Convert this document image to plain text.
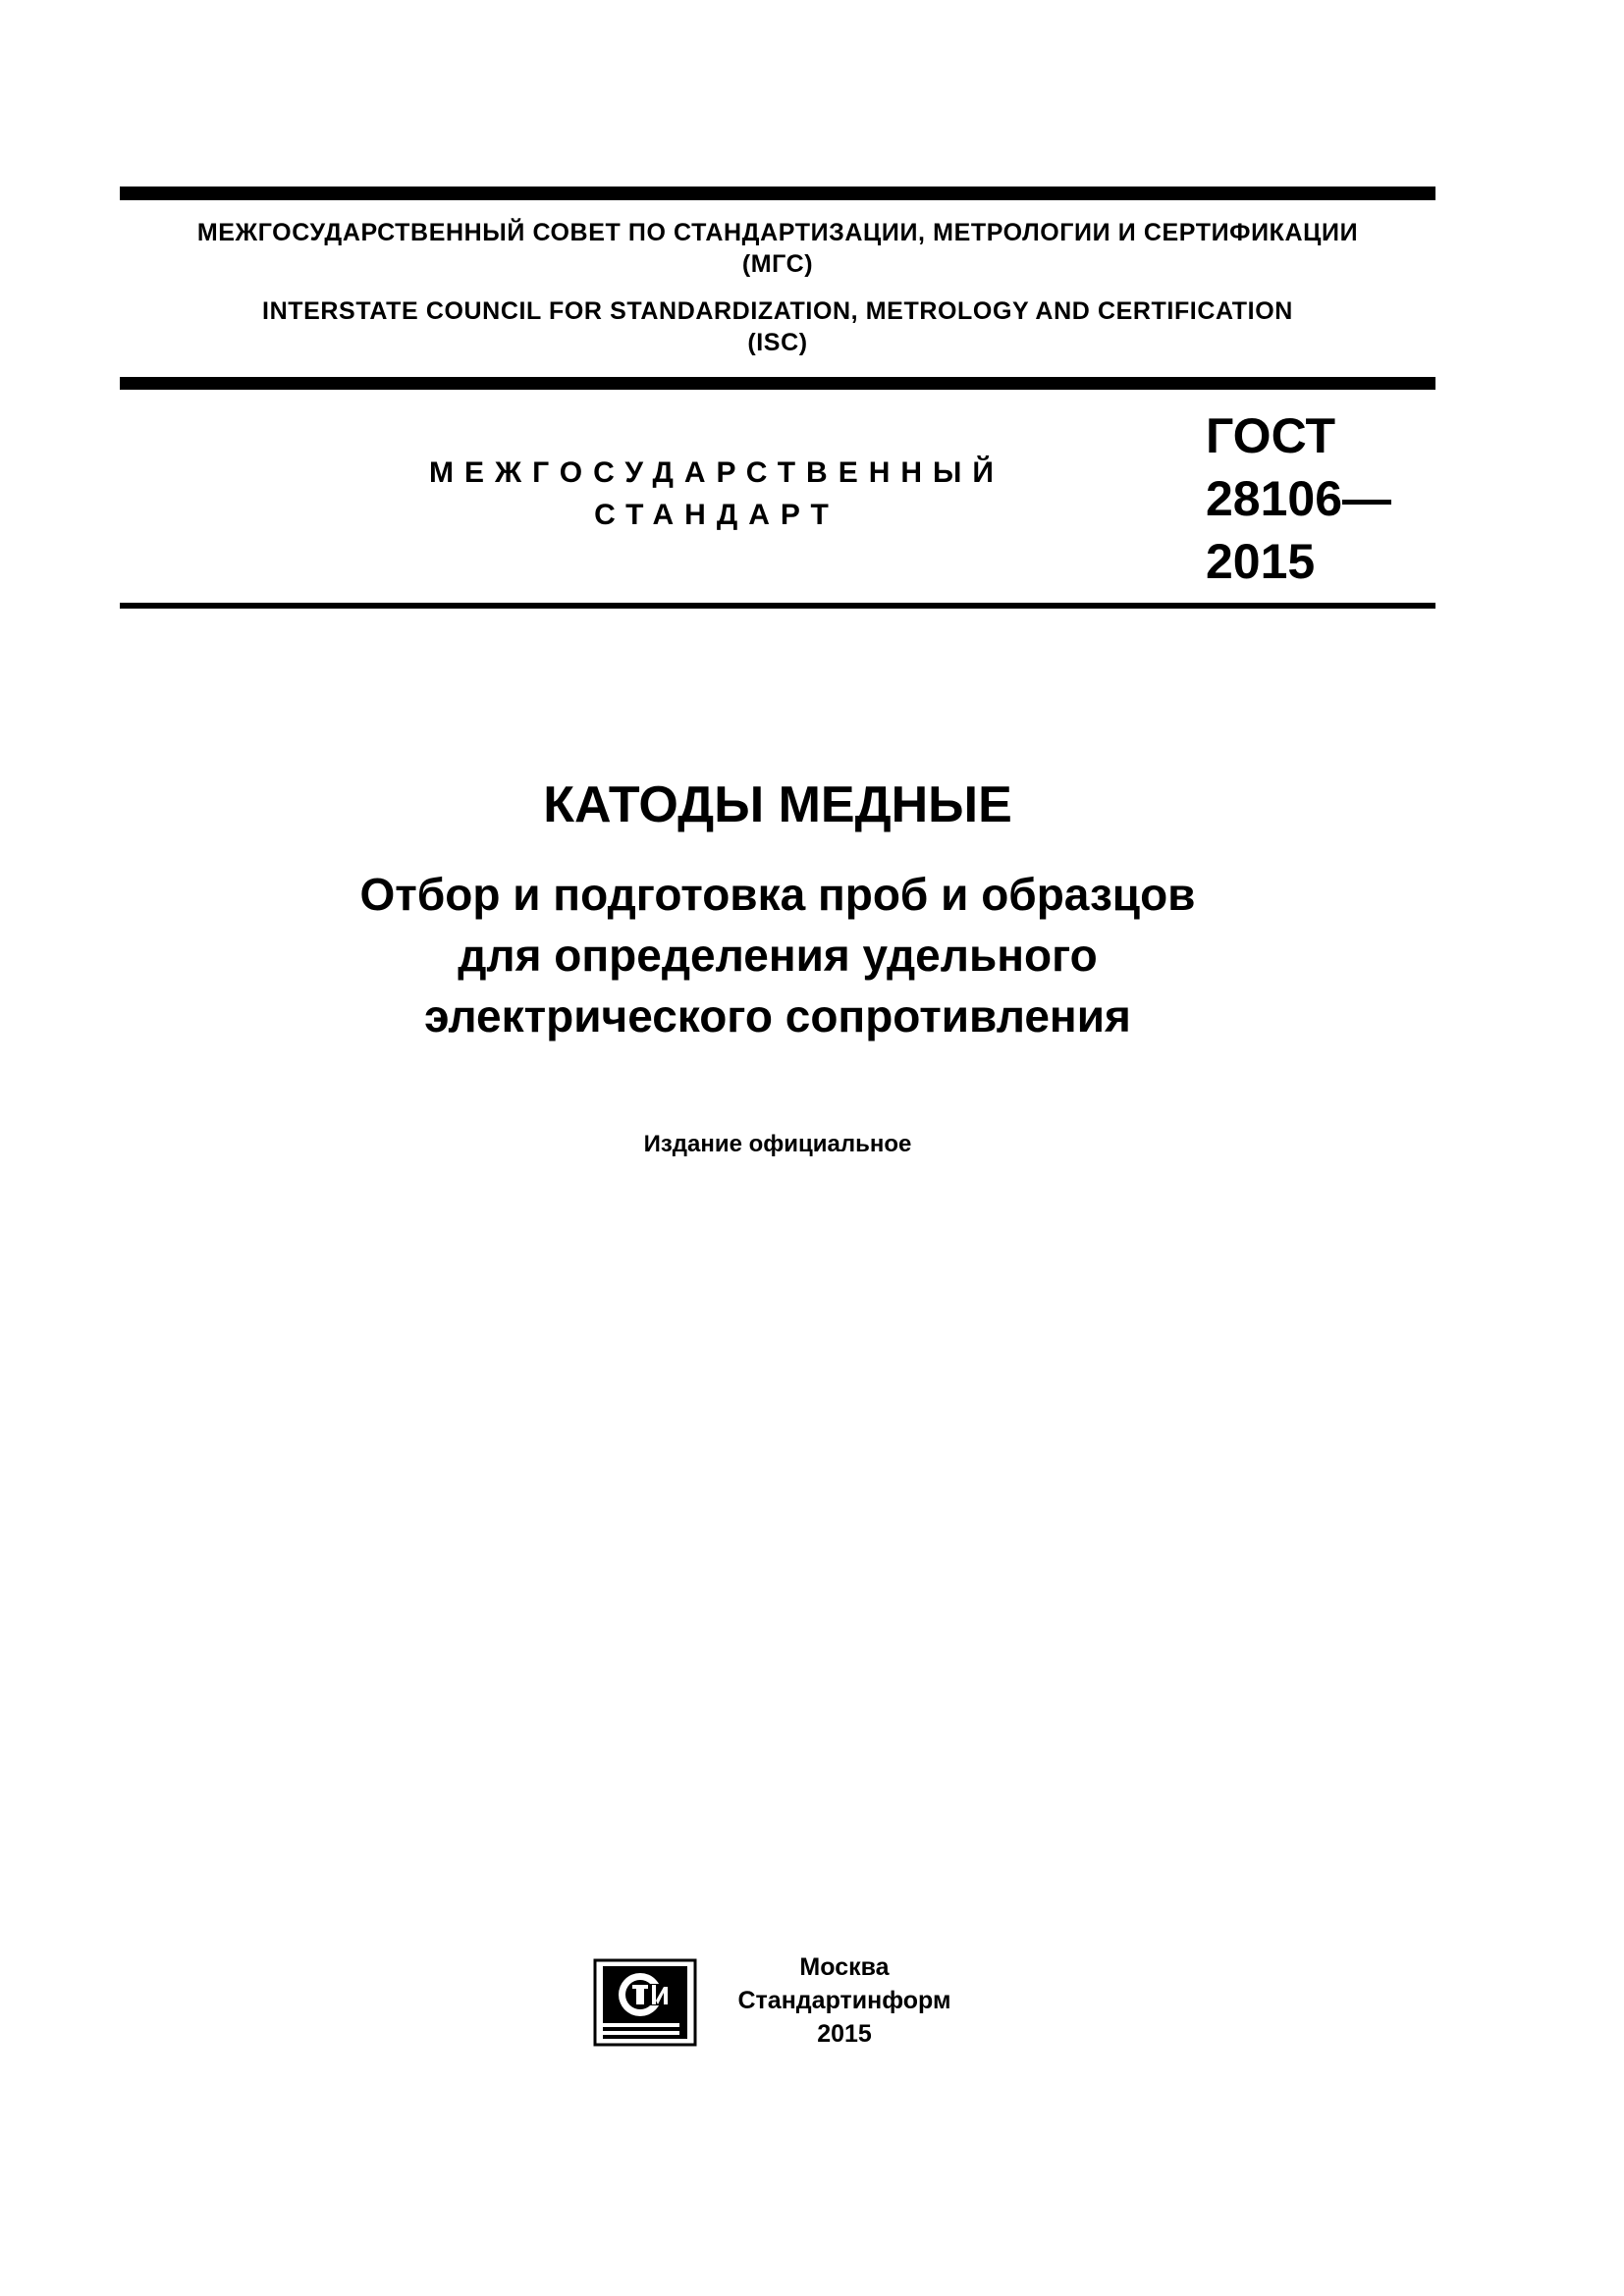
МЕЖГОСУДАРСТВЕННЫЙ СОВЕТ ПО СТАНДАРТИЗАЦИИ, МЕТРОЛОГИИ И СЕРТИФИКАЦИИ
(МГС)
INTERSTATE COUNCIL FOR STANDARDIZATION, METROLOGY AND CERTIFICATION
(ISC)
МЕЖГОСУДАРСТВЕННЫЙ
СТАНДАРТ
ГОСТ
28106—
2015
КАТОДЫ МЕДНЫЕ
Отбор и подготовка проб и образцов
для определения удельного
электрического сопротивления
Издание официальное
Москва
Стандартинформ
2015
